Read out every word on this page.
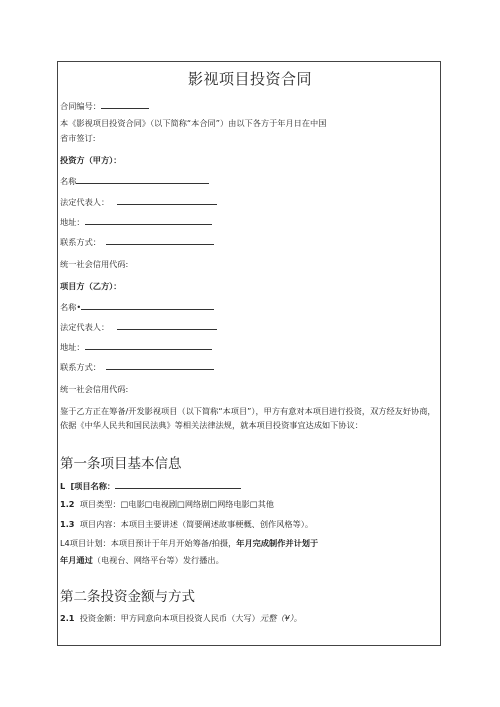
影视项目投资合同
合同编号：
本《影视项目投资合同》（以下简称“本合同”）由以下各方于年月日在中国
省市签订:
投资方（甲方）：
名称
法定代表人：
地址：
联系方式：
统一社会信用代码:
项目方（乙方）：
名称•
法定代表人：
地址：
联系方式：
统一社会信用代码:
鉴于乙方正在筹备/开发影视项目（以下简称“本项目”），甲方有意对本项目进行投资，双方经友好协商，依据《中华人民共和国民法典》等相关法律法规，就本项目投资事宜达成如下协议：
第一条项目基本信息
L [项目名称：
1.2 项目类型：□电影□电视剧□网络剧□网络电影□其他
1.3 项目内容：本项目主要讲述（简要阐述故事梗概、创作风格等）。
L4项目计划：本项目预计于年月开始筹备/拍摄，年月完成制作并计划于
年月通过（电视台、网络平台等）发行播出。
第二条投资金额与方式
2.1 投资金额：甲方同意向本项目投资人民币（大写）元整（¥）。
